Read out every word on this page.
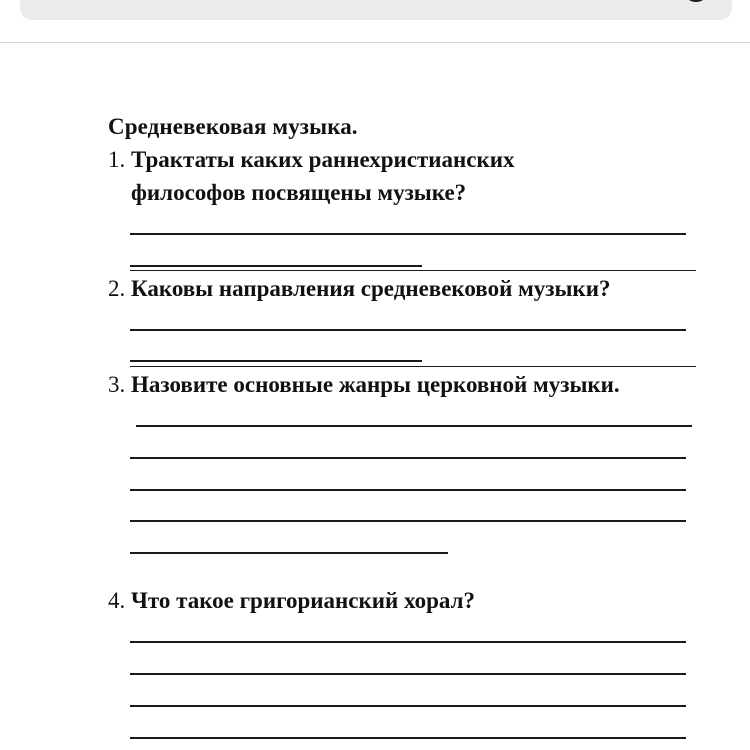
Средневековая музыка.
1. Трактаты каких раннехристианских
философов посвящены музыке?
2. Каковы направления средневековой музыки?
3. Назовите основные жанры церковной музыки.
4. Что такое григорианский хорал?
